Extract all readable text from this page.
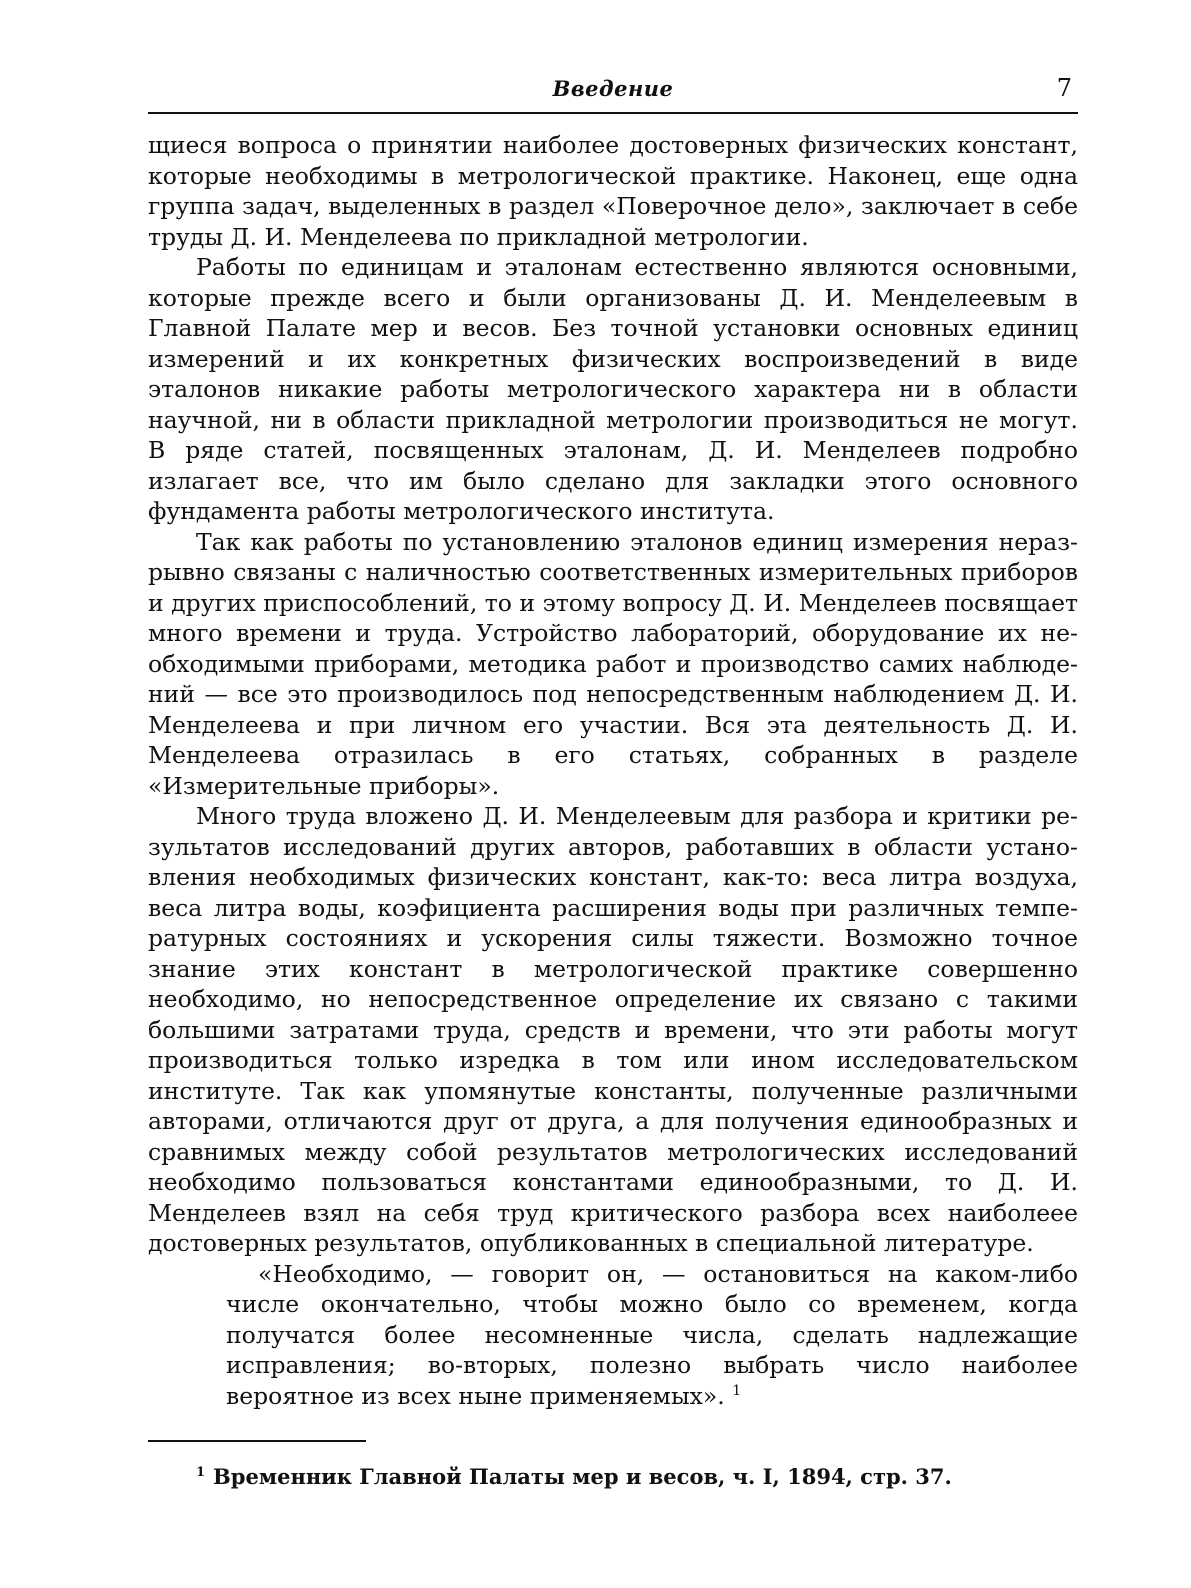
Введение	7

щиеся вопроса о принятии наиболее достоверных физических констант, которые необходимы в метрологической практике. Наконец, еще одна группа задач, выделенных в раздел «Поверочное дело», заключает в себе труды Д. И. Менделеева по прикладной метрологии.

Работы по единицам и эталонам естественно являются основными, которые прежде всего и были организованы Д. И. Менделеевым в Главной Палате мер и весов. Без точной установки основных единиц измерений и их конкретных физических воспроизведений в виде эталонов никакие работы метрологического характера ни в области научной, ни в области прикладной метрологии производиться не могут. В ряде статей, посвященных эталонам, Д. И. Менделеев подробно излагает все, что им было сделано для закладки этого основного фундамента работы метрологического института.

Так как работы по установлению эталонов единиц измерения неразрывно связаны с наличностью соответственных измерительных приборов и других приспособлений, то и этому вопросу Д. И. Менделеев посвящает много времени и труда. Устройство лабораторий, оборудование их необходимыми приборами, методика работ и производство самих наблюдений — все это производилось под непосредственным наблюдением Д. И. Менделеева и при личном его участии. Вся эта деятельность Д. И. Менделеева отразилась в его статьях, собранных в разделе «Измерительные приборы».

Много труда вложено Д. И. Менделеевым для разбора и критики результатов исследований других авторов, работавших в области установления необходимых физических констант, как-то: веса литра воздуха, веса литра воды, коэфициента расширения воды при различных температурных состояниях и ускорения силы тяжести. Возможно точное знание этих констант в метрологической практике совершенно необходимо, но непосредственное определение их связано с такими большими затратами труда, средств и времени, что эти работы могут производиться только изредка в том или ином исследовательском институте. Так как упомянутые константы, полученные различными авторами, отличаются друг от друга, а для получения единообразных и сравнимых между собой результатов метрологических исследований необходимо пользоваться константами единообразными, то Д. И. Менделеев взял на себя труд критического разбора всех наиболеее достоверных результатов, опубликованных в специальной литературе.

«Необходимо, — говорит он, — остановиться на каком-либо числе окончательно, чтобы можно было со временем, когда получатся более несомненные числа, сделать надлежащие исправления; во-вторых, полезно выбрать число наиболее вероятное из всех ныне применяемых». $^1$

$^1$ Временник Главной Палаты мер и весов, ч. I, 1894, стр. 37.
